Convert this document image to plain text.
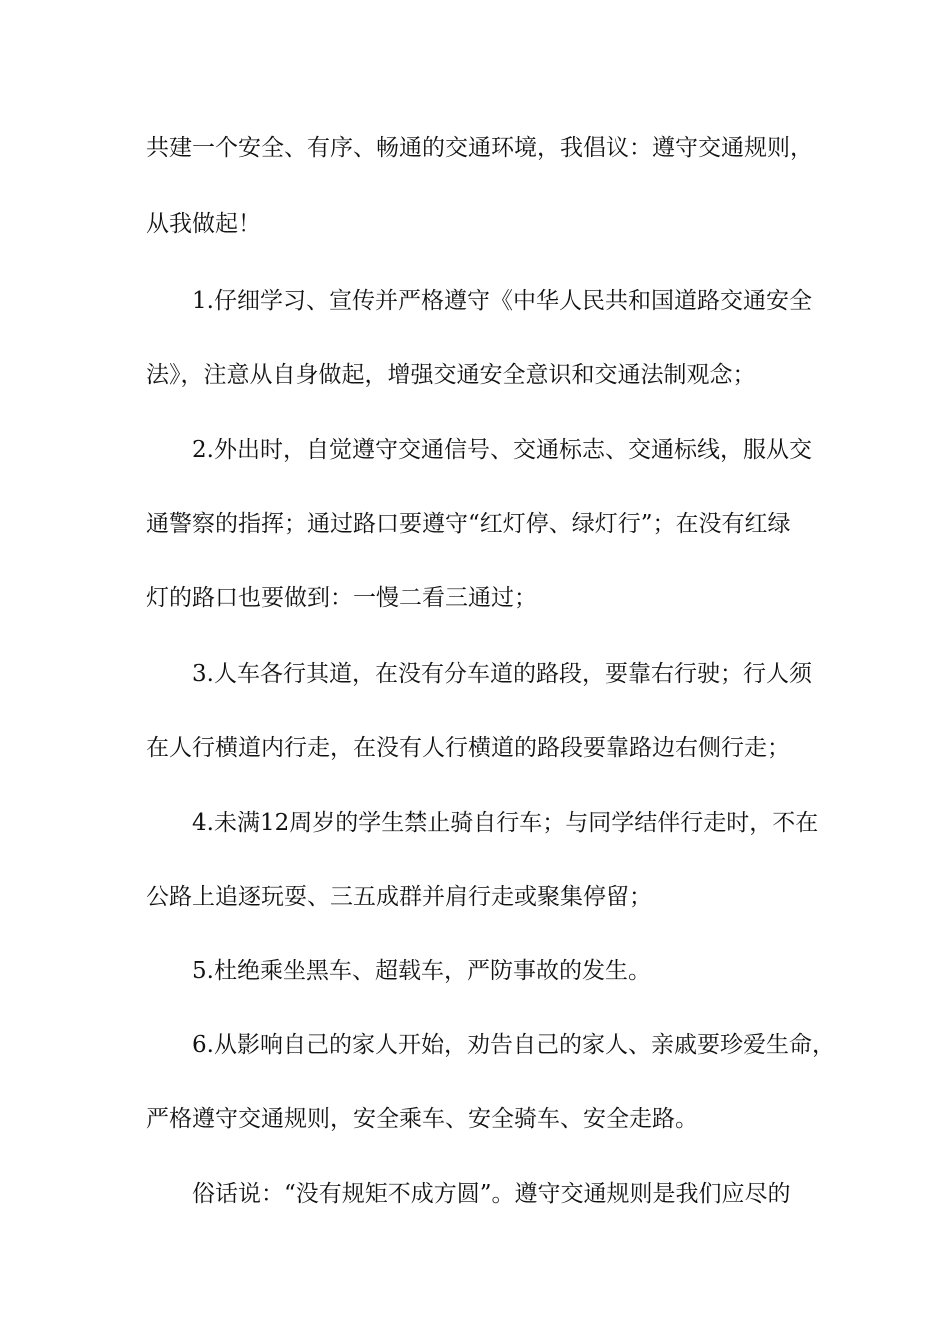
共建一个安全、有序、畅通的交通环境，我倡议：遵守交通规则，
从我做起！
1.仔细学习、宣传并严格遵守《中华人民共和国道路交通安全
法》，注意从自身做起，增强交通安全意识和交通法制观念；
2.外出时，自觉遵守交通信号、交通标志、交通标线，服从交
通警察的指挥；通过路口要遵守“红灯停、绿灯行”；在没有红绿
灯的路口也要做到：一慢二看三通过；
3.人车各行其道，在没有分车道的路段，要靠右行驶；行人须
在人行横道内行走，在没有人行横道的路段要靠路边右侧行走；
4.未满12周岁的学生禁止骑自行车；与同学结伴行走时，不在
公路上追逐玩耍、三五成群并肩行走或聚集停留；
5.杜绝乘坐黑车、超载车，严防事故的发生。
6.从影响自己的家人开始，劝告自己的家人、亲戚要珍爱生命，
严格遵守交通规则，安全乘车、安全骑车、安全走路。
俗话说：“没有规矩不成方圆”。遵守交通规则是我们应尽的
